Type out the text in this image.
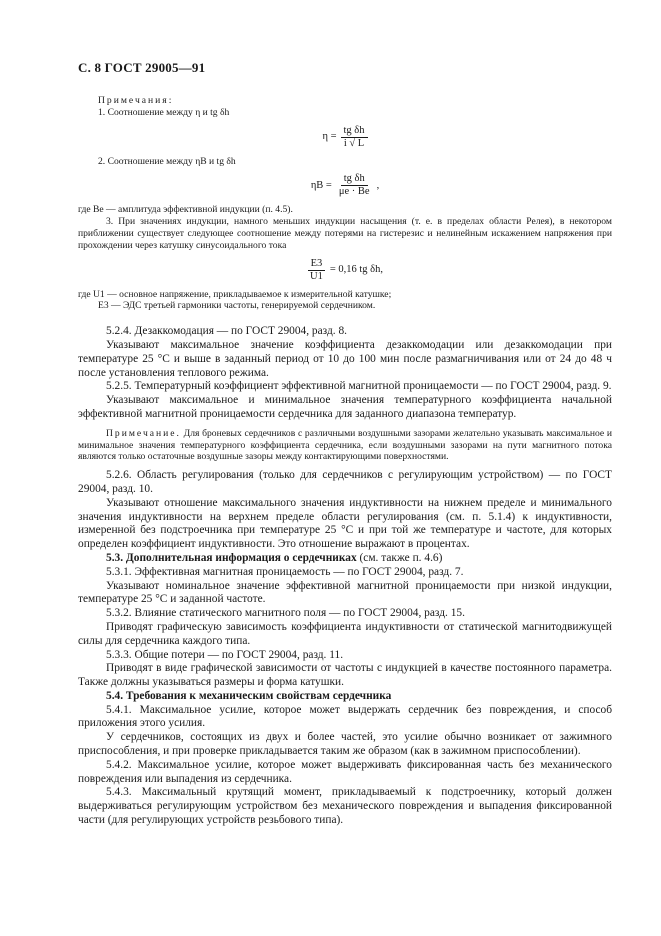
С. 8 ГОСТ 29005—91

Примечания:

1. Соотношение между η и tg δh

$\eta = \frac{\text{tg δh}}{i √ L}$

2. Соотношение между ηB и tg δh

$\eta B = \frac{\text{tg δh}}{\mu e \cdot Be}$ ,

где Be — амплитуда эффективной индукции (п. 4.5).

3. При значениях индукции, намного меньших индукции насыщения (т. е. в пределах области Релея), в некотором приближении существует следующее соотношение между потерями на гистерезис и нелинейным искажением напряжения при прохождении через катушку синусоидального тока

$\frac{E3}{U1} = 0,16$ tg δh,

где U1 — основное напряжение, прикладываемое к измерительной катушке;

E3 — ЭДС третьей гармоники частоты, генерируемой сердечником.

5.2.4. Дезаккомодация — по ГОСТ 29004, разд. 8.

Указывают максимальное значение коэффициента дезаккомодации или дезаккомодации при температуре 25 °С и выше в заданный период от 10 до 100 мин после размагничивания или от 24 до 48 ч после установления теплового режима.

5.2.5. Температурный коэффициент эффективной магнитной проницаемости — по ГОСТ 29004, разд. 9.

Указывают максимальное и минимальное значения температурного коэффициента начальной эффективной магнитной проницаемости сердечника для заданного диапазона температур.

Примечание. Для броневых сердечников с различными воздушными зазорами желательно указывать максимальное и минимальное значения температурного коэффициента сердечника, если воздушными зазорами на пути магнитного потока являются только остаточные воздушные зазоры между контактирующими поверхностями.

5.2.6. Область регулирования (только для сердечников с регулирующим устройством) — по ГОСТ 29004, разд. 10.

Указывают отношение максимального значения индуктивности на нижнем пределе и минимального значения индуктивности на верхнем пределе области регулирования (см. п. 5.1.4) к индуктивности, измеренной без подстроечника при температуре 25 °С и при той же температуре и частоте, для которых определен коэффициент индуктивности. Это отношение выражают в процентах.

5.3. Дополнительная информация о сердечниках (см. также п. 4.6)

5.3.1. Эффективная магнитная проницаемость — по ГОСТ 29004, разд. 7.

Указывают номинальное значение эффективной магнитной проницаемости при низкой индукции, температуре 25 °С и заданной частоте.

5.3.2. Влияние статического магнитного поля — по ГОСТ 29004, разд. 15.

Приводят графическую зависимость коэффициента индуктивности от статической магнитодвижущей силы для сердечника каждого типа.

5.3.3. Общие потери — по ГОСТ 29004, разд. 11.

Приводят в виде графической зависимости от частоты с индукцией в качестве постоянного параметра. Также должны указываться размеры и форма катушки.

5.4. Требования к механическим свойствам сердечника

5.4.1. Максимальное усилие, которое может выдержать сердечник без повреждения, и способ приложения этого усилия.

У сердечников, состоящих из двух и более частей, это усилие обычно возникает от зажимного приспособления, и при проверке прикладывается таким же образом (как в зажимном приспособлении).

5.4.2. Максимальное усилие, которое может выдерживать фиксированная часть без механического повреждения или выпадения из сердечника.

5.4.3. Максимальный крутящий момент, прикладываемый к подстроечнику, который должен выдерживаться регулирующим устройством без механического повреждения и выпадения фиксированной части (для регулирующих устройств резьбового типа).
